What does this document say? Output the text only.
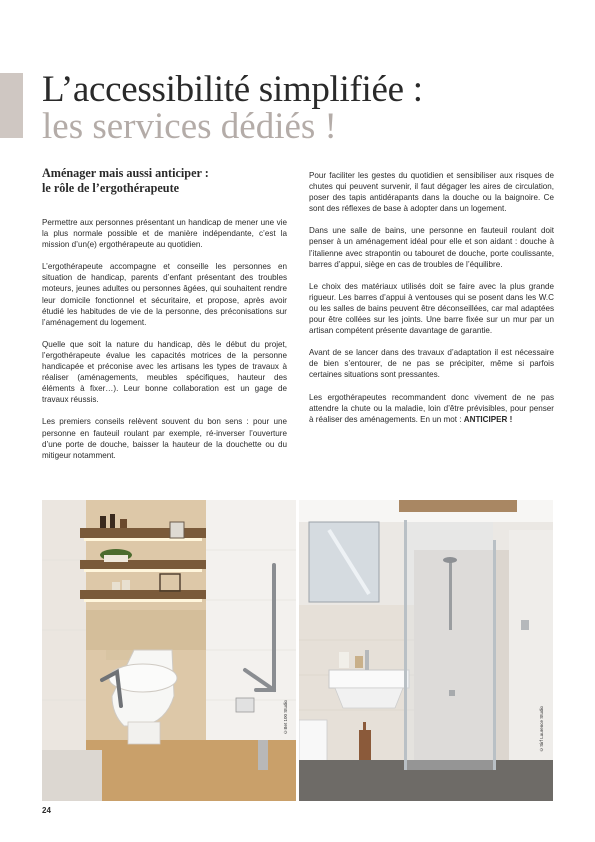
L’accessibilité simplifiée :
les services dédiés !
Aménager mais aussi anticiper :
le rôle de l’ergothérapeute

Permettre aux personnes présentant un handicap de mener une vie la plus normale possible et de manière indépendante, c’est la mission d’un(e) ergothérapeute au quotidien.

L’ergothérapeute accompagne et conseille les personnes en situation de handicap, parents d’enfant présentant des troubles moteurs, jeunes adultes ou personnes âgées, qui souhaitent rendre leur domicile fonctionnel et sécuritaire, et propose, après avoir étudié les habitudes de vie de la personne, des préconisations sur l’aménagement du logement.

Quelle que soit la nature du handicap, dès le début du projet, l’ergothérapeute évalue les capacités motrices de la personne handicapée et préconise avec les artisans les types de travaux à réaliser (aménagements, meubles spécifiques, hauteur des éléments à fixer…). Leur bonne collaboration est un gage de travaux réussis.

Les premiers conseils relèvent souvent du bon sens : pour une personne en fauteuil roulant par exemple, ré-inverser l’ouverture d’une porte de douche, baisser la hauteur de la douchette ou du mitigeur notamment.

Pour faciliter les gestes du quotidien et sensibiliser aux risques de chutes qui peuvent survenir, il faut dégager les aires de circulation, poser des tapis antidérapants dans la douche ou la baignoire. Ce sont des réflexes de base à adopter dans un logement.

Dans une salle de bains, une personne en fauteuil roulant doit penser à un aménagement idéal pour elle et son aidant : douche à l’italienne avec strapontin ou tabouret de douche, porte coulissante, barres d’appui, siège en cas de troubles de l’équilibre.

Le choix des matériaux utilisés doit se faire avec la plus grande rigueur. Les barres d’appui à ventouses qui se posent dans les W.C ou les salles de bains peuvent être déconseillées, car mal adaptées pour être collées sur les joints. Une barre fixée sur un mur par un artisan compétent présente davantage de garantie.

Avant de se lancer dans des travaux d’adaptation il est nécessaire de bien s’entourer, de ne pas se précipiter, même si parfois certaines situations sont pressantes.

Les ergothérapeutes recommandent donc vivement de ne pas attendre la chute ou la maladie, loin d’être prévisibles, pour penser à réaliser des aménagements. En un mot : ANTICIPER !

©Bet 100 Studio	©Sirf Laurence Studio
24
